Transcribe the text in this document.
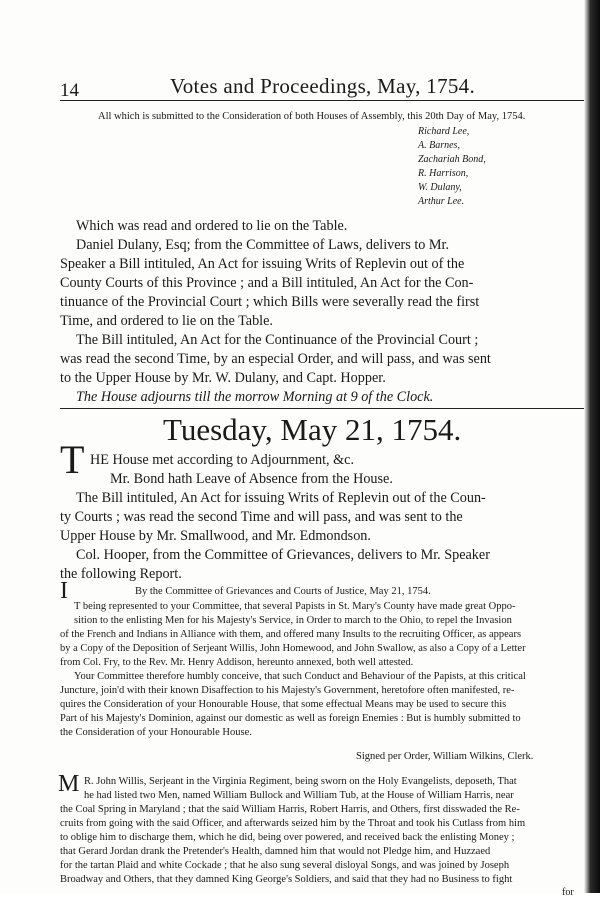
14	Votes and Proceedings, May, 1754.
All which is submitted to the Consideration of both Houses of Assembly, this 20th Day of May, 1754.
Richard Lee,
A. Barnes,
Zachariah Bond,
R. Harrison,
W. Dulany,
Arthur Lee.
Which was read and ordered to lie on the Table.
Daniel Dulany, Esq; from the Committee of Laws, delivers to Mr.
Speaker a Bill intituled, An Act for issuing Writs of Replevin out of the
County Courts of this Province ; and a Bill intituled, An Act for the Con-
tinuance of the Provincial Court ; which Bills were severally read the first
Time, and ordered to lie on the Table.
The Bill intituled, An Act for the Continuance of the Provincial Court ;
was read the second Time, by an especial Order, and will pass, and was sent
to the Upper House by Mr. W. Dulany, and Capt. Hopper.
The House adjourns till the morrow Morning at 9 of the Clock.
Tuesday, May 21, 1754.
T HE House met according to Adjournment, &c.
Mr. Bond hath Leave of Absence from the House.
The Bill intituled, An Act for issuing Writs of Replevin out of the Coun-
ty Courts ; was read the second Time and will pass, and was sent to the
Upper House by Mr. Smallwood, and Mr. Edmondson.
Col. Hooper, from the Committee of Grievances, delivers to Mr. Speaker
the following Report.
By the Committee of Grievances and Courts of Justice, May 21, 1754.
I
T being represented to your Committee, that several Papists in St. Mary's County have made great Oppo-
sition to the enlisting Men for his Majesty's Service, in Order to march to the Ohio, to repel the Invasion
of the French and Indians in Alliance with them, and offered many Insults to the recruiting Officer, as appears
by a Copy of the Deposition of Serjeant Willis, John Homewood, and John Swallow, as also a Copy of a Letter
from Col. Fry, to the Rev. Mr. Henry Addison, hereunto annexed, both well attested.
Your Committee therefore humbly conceive, that such Conduct and Behaviour of the Papists, at this critical
Juncture, join'd with their known Disaffection to his Majesty's Government, heretofore often manifested, re-
quires the Consideration of your Honourable House, that some effectual Means may be used to secure this
Part of his Majesty's Dominion, against our domestic as well as foreign Enemies : But is humbly submitted to
the Consideration of your Honourable House.
Signed per Order, William Wilkins, Clerk.
M R. John Willis, Serjeant in the Virginia Regiment, being sworn on the Holy Evangelists, deposeth, That
he had listed two Men, named William Bullock and William Tub, at the House of William Harris, near
the Coal Spring in Maryland ; that the said William Harris, Robert Harris, and Others, first disswaded the Re-
cruits from going with the said Officer, and afterwards seized him by the Throat and took his Cutlass from him
to oblige him to discharge them, which he did, being over powered, and received back the enlisting Money ;
that Gerard Jordan drank the Pretender's Health, damned him that would not Pledge him, and Huzzaed
for the tartan Plaid and white Cockade ; that he also sung several disloyal Songs, and was joined by Joseph
Broadway and Others, that they damned King George's Soldiers, and said that they had no Business to fight
for
